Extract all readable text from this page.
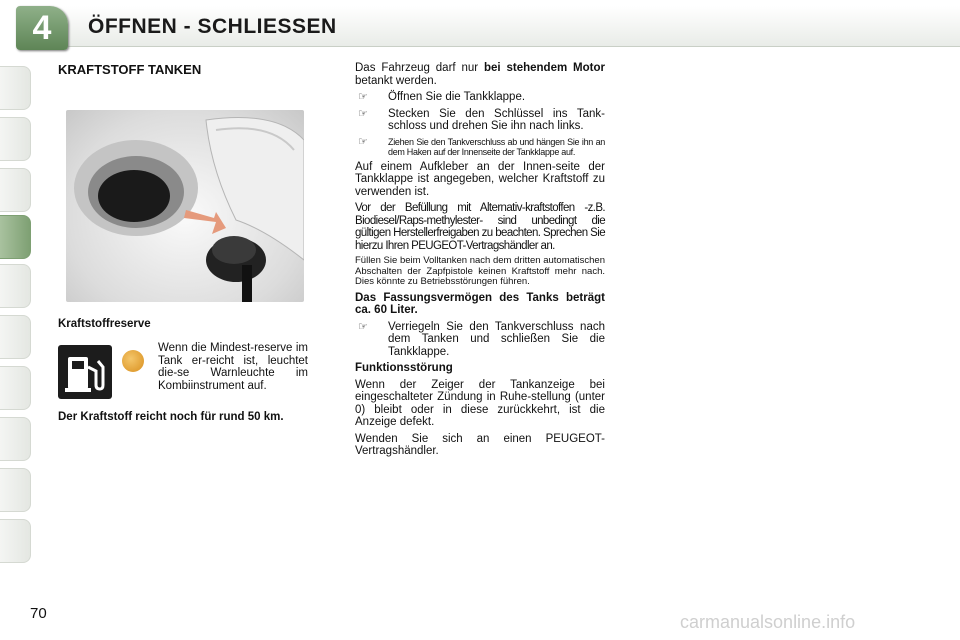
4	ÖFFNEN - SCHLIESSEN
KRAFTSTOFF TANKEN
Kraftstoffreserve
Wenn die Mindest-reserve im Tank er-reicht ist, leuchtet die-se Warnleuchte im Kombiinstrument auf.
Der Kraftstoff reicht noch für rund 50 km.

Das Fahrzeug darf nur bei stehendem Motor betankt werden.

☞ Öffnen Sie die Tankklappe.
☞ Stecken Sie den Schlüssel ins Tank-schloss und drehen Sie ihn nach links.
☞ Ziehen Sie den Tankverschluss ab und hängen Sie ihn an dem Haken auf der Innenseite der Tankklappe auf.

Auf einem Aufkleber an der Innen-seite der Tankklappe ist angegeben, welcher Kraftstoff zu verwenden ist.

Vor der Befüllung mit Alternativ-kraftstoffen -z.B. Biodiesel/Raps-methylester- sind unbedingt die gültigen Herstellerfreigaben zu beachten. Sprechen Sie hierzu Ihren PEUGEOT-Vertragshändler an.

Füllen Sie beim Volltanken nach dem dritten automatischen Abschalten der Zapfpistole keinen Kraftstoff mehr nach. Dies könnte zu Betriebsstörungen führen.

Das Fassungsvermögen des Tanks beträgt ca. 60 Liter.

☞ Verriegeln Sie den Tankverschluss nach dem Tanken und schließen Sie die Tankklappe.

Funktionsstörung

Wenn der Zeiger der Tankanzeige bei eingeschalteter Zündung in Ruhe-stellung (unter 0) bleibt oder in diese zurückkehrt, ist die Anzeige defekt.

Wenden Sie sich an einen PEUGEOT-Vertragshändler.

70	carmanualsonline.info
